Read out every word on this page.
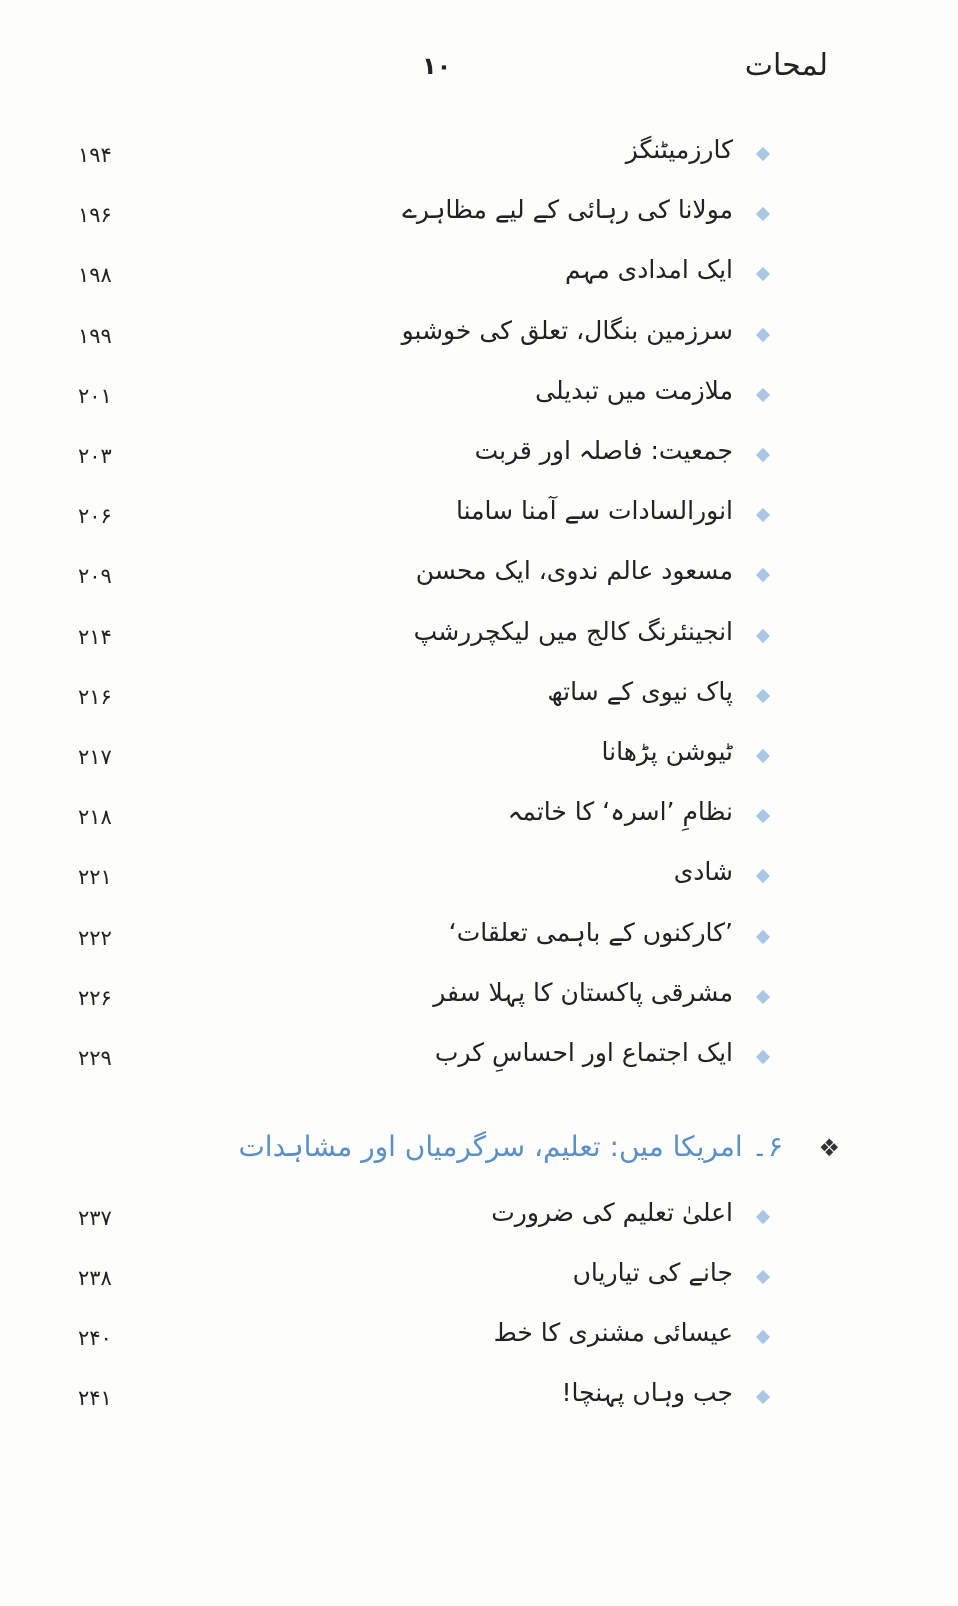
لمحات
۱۰
کارزمیٹنگز
۱۹۴
مولانا کی رہائی کے لیے مظاہرے
۱۹۶
ایک امدادی مہم
۱۹۸
سرزمین بنگال، تعلق کی خوشبو
۱۹۹
ملازمت میں تبدیلی
۲۰۱
جمعیت: فاصلہ اور قربت
۲۰۳
انورالسادات سے آمنا سامنا
۲۰۶
مسعود عالم ندوی، ایک محسن
۲۰۹
انجینئرنگ کالج میں لیکچررشپ
۲۱۴
پاک نیوی کے ساتھ
۲۱۶
ٹیوشن پڑھانا
۲۱۷
نظامِ ’اسرہ‘ کا خاتمہ
۲۱۸
شادی
۲۲۱
’کارکنوں کے باہمی تعلقات‘
۲۲۲
مشرقی پاکستان کا پہلا سفر
۲۲۶
ایک اجتماع اور احساسِ کرب
۲۲۹
❖
۶۔ امریکا میں: تعلیم، سرگرمیاں اور مشاہدات
اعلیٰ تعلیم کی ضرورت
۲۳۷
جانے کی تیاریاں
۲۳۸
عیسائی مشنری کا خط
۲۴۰
جب وہاں پہنچا!
۲۴۱
